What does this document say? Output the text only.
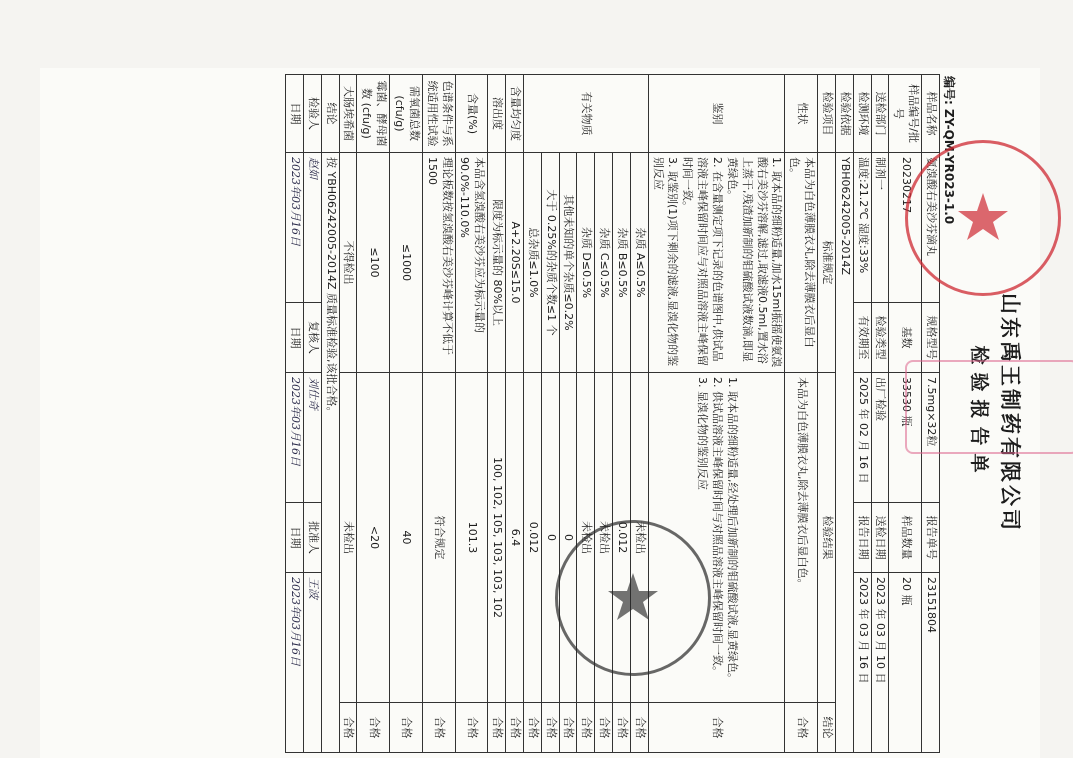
山东禹王制药有限公司
检验报告单
编号: ZY-QM-YR023-1.0
样品名称	氨溴酸右美沙芬滴丸	规格型号	7.5mg×32粒	报告单号	23151804	
样品编号/批号	20230217	基数	33530 瓶	样品数量	20 瓶	
送检部门	制剂一	检验类型	出厂检验	送检日期	2023 年 03 月 10 日	
检测环境	温度:21.2℃ 湿度:33%	有效期至	2025 年 02 月 16 日	报告日期	2023 年 03 月 16 日	
检验依据	YBH06242005-2014Z					
检验项目	标准规定		检验结果			结论
性状	本品为白色薄膜衣丸,除去薄膜衣后显白色。		本品为白色薄膜衣丸,除去薄膜衣后显白色。			合格
鉴别	1. 取本品的细粉适量,加水15ml振摇使氨溴酸右美沙芬溶解,滤过,取滤液0.5ml,置水浴上蒸干,残渣加新制的钼硫酸试液数滴,即显黄绿色。
2. 在含量测定项下记录的色谱图中,供试品溶液主峰保留时间应与对照品溶液主峰保留时间一致。
3. 取鉴别(1)项下剩余的滤液,显溴化物的鉴别反应		1. 取本品的细粉适量,经处理后加新制的钼硫酸试液,显黄绿色。
2. 供试品溶液主峰保留时间与对照品溶液主峰保留时间一致。
3. 显溴化物的鉴别反应			合格
有关物质	杂质 A≤0.5%		未检出			合格
	杂质 B≤0.5%		0.012			合格
	杂质 C≤0.5%		未检出			合格
	杂质 D≤0.5%		未检出			合格
	其他未知的单个杂质≤0.2%		0			合格
	大于 0.25%的杂质个数≤1 个		0			合格
	总杂质≤1.0%		0.012			合格
含量均匀度	A+2.20S≤15.0		6.4			合格
溶出度	限度为标示量的 80%以上		100, 102, 105, 103, 103, 102			合格
含量(%)	本品含氢溴酸右美沙芬应为标示量的90.0%-110.0%		101.3			合格
色谱条件与系统适用性试验	理论板数按氢溴酸右美沙芬峰计算不低于1500		符合规定			合格
需氧菌总数 (cfu/g)	≤1000		40			合格
霉菌、酵母菌数 (cfu/g)	≤100		<20			合格
大肠埃希菌	不得检出		未检出			合格
结论	按 YBH06242005-2014Z 质量标准检验,该批合格。					
检验人	赵如	复核人	刘仕奇	批准人	王波	
日期	2023年03月16日	日期	2023年03月16日	日期	2023年03月16日	
